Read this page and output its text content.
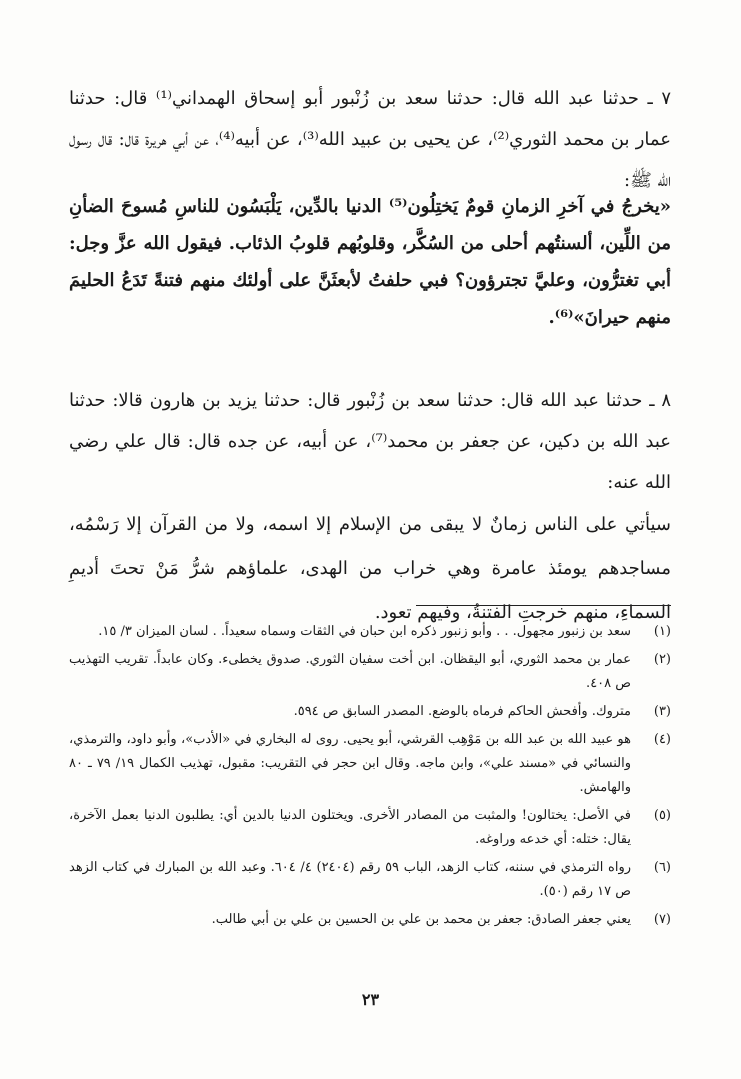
٧ ـ حدثنا عبد الله قال: حدثنا سعد بن زُنْبور أبو إسحاق الهمداني⁽¹⁾ قال: حدثنا عمار بن محمد الثوري⁽²⁾، عن يحيى بن عبيد الله⁽³⁾، عن أبيه⁽⁴⁾، عن أبي هريرة قال: قال رسول الله ﷺ:

«يخرجُ في آخرِ الزمانِ قومٌ يَختِلُون⁽⁵⁾ الدنيا بالدِّين، يَلْبَسُون للناسِ مُسوحَ الضأنِ من اللِّين، ألسنتُهم أحلى من السُكَّر، وقلوبُهم قلوبُ الذئاب. فيقول الله عزَّ وجل: أبي تغترُّون، وعليَّ تجترؤون؟ فبي حلفتُ لأبعثَنَّ على أولئك منهم فتنةً تَدَعُ الحليمَ منهم حيرانَ»⁽⁶⁾.

٨ ـ حدثنا عبد الله قال: حدثنا سعد بن زُنْبور قال: حدثنا يزيد بن هارون قالا: حدثنا عبد الله بن دكين، عن جعفر بن محمد⁽⁷⁾، عن أبيه، عن جده قال: قال علي رضي الله عنه:

سيأتي على الناس زمانٌ لا يبقى من الإسلام إلا اسمه، ولا من القرآن إلا رَسْمُه، مساجدهم يومئذ عامرة وهي خراب من الهدى، علماؤهم شرُّ مَنْ تحتَ أديمِ السماءِ، منهم خرجتِ الفتنةُ، وفيهم تعود.

(١)
سعد بن زنبور مجهول. . . وأبو زنبور ذكره ابن حبان في الثقات وسماه سعيداً. . لسان الميزان ٣/ ١٥.
(٢)
عمار بن محمد الثوري، أبو اليقظان. ابن أخت سفيان الثوري. صدوق يخطىء. وكان عابداً. تقريب التهذيب ص ٤٠٨.
(٣)
متروك. وأفحش الحاكم فرماه بالوضع. المصدر السابق ص ٥٩٤.
(٤)
هو عبيد الله بن عبد الله بن مَوْهِب القرشي، أبو يحيى. روى له البخاري في «الأدب»، وأبو داود، والترمذي، والنسائي في «مسند علي»، وابن ماجه. وقال ابن حجر في التقريب: مقبول، تهذيب الكمال ١٩/ ٧٩ ـ ٨٠ والهامش.
(٥)
في الأصل: يختالون! والمثبت من المصادر الأخرى. ويختلون الدنيا بالدين أي: يطلبون الدنيا بعمل الآخرة، يقال: ختله: أي خدعه وراوغه.
(٦)
رواه الترمذي في سننه، كتاب الزهد، الباب ٥٩ رقم (٢٤٠٤) ٤/ ٦٠٤. وعبد الله بن المبارك في كتاب الزهد ص ١٧ رقم (٥٠).
(٧)
يعني جعفر الصادق: جعفر بن محمد بن علي بن الحسين بن علي بن أبي طالب.
٢٣
